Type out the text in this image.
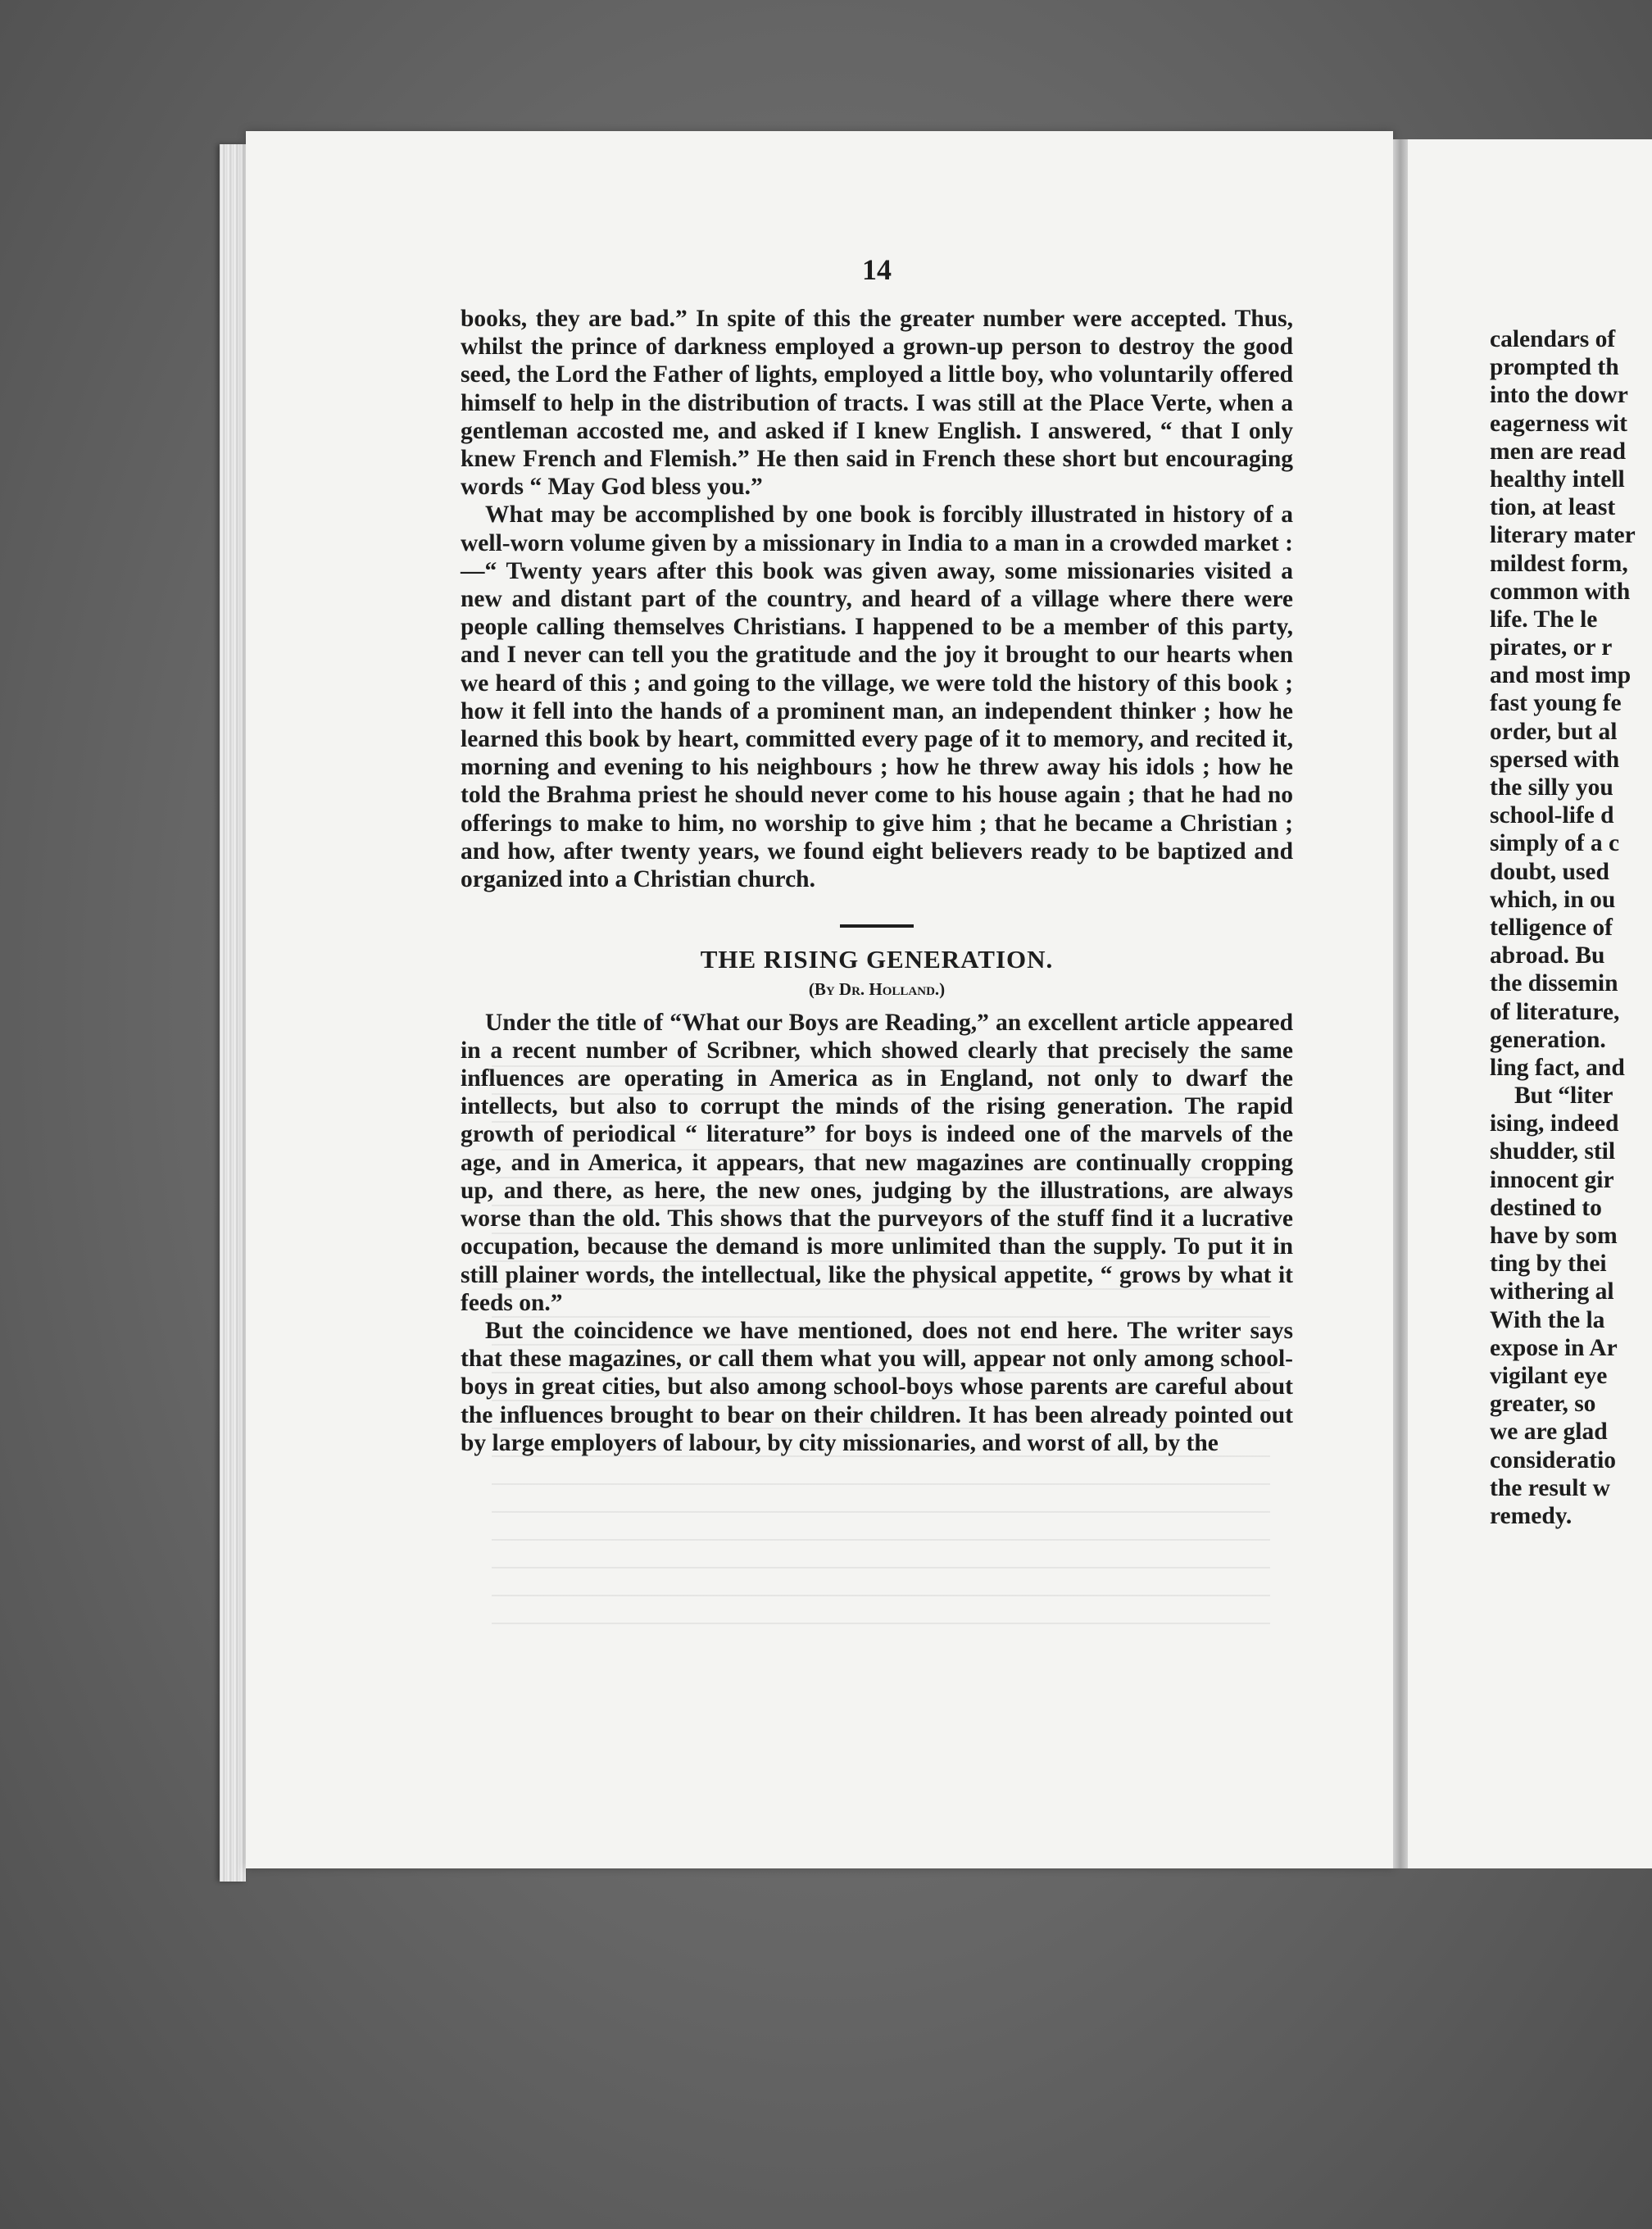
14

books, they are bad.” In spite of this the greater number were accepted. Thus, whilst the prince of darkness employed a grown-up person to destroy the good seed, the Lord the Father of lights, employed a little boy, who voluntarily offered himself to help in the distribution of tracts. I was still at the Place Verte, when a gentleman accosted me, and asked if I knew English. I answered, “ that I only knew French and Flemish.” He then said in French these short but encouraging words “ May God bless you.”

What may be accomplished by one book is forcibly illustrated in history of a well-worn volume given by a missionary in India to a man in a crowded market :—“ Twenty years after this book was given away, some missionaries visited a new and distant part of the country, and heard of a village where there were people calling themselves Christians. I happened to be a member of this party, and I never can tell you the gratitude and the joy it brought to our hearts when we heard of this ; and going to the village, we were told the history of this book ; how it fell into the hands of a prominent man, an independent thinker ; how he learned this book by heart, committed every page of it to memory, and recited it, morning and evening to his neighbours ; how he threw away his idols ; how he told the Brahma priest he should never come to his house again ; that he had no offerings to make to him, no worship to give him ; that he became a Christian ; and how, after twenty years, we found eight believers ready to be baptized and organized into a Christian church.

THE RISING GENERATION.
(By Dr. Holland.)

Under the title of “What our Boys are Reading,” an excellent article appeared in a recent number of Scribner, which showed clearly that precisely the same influences are operating in America as in England, not only to dwarf the intellects, but also to corrupt the minds of the rising generation. The rapid growth of periodical “ literature” for boys is indeed one of the marvels of the age, and in America, it appears, that new magazines are continually cropping up, and there, as here, the new ones, judging by the illustrations, are always worse than the old. This shows that the purveyors of the stuff find it a lucrative occupation, because the demand is more unlimited than the supply. To put it in still plainer words, the intellectual, like the physical appetite, “ grows by what it feeds on.”

But the coincidence we have mentioned, does not end here. The writer says that these magazines, or call them what you will, appear not only among school-boys in great cities, but also among school-boys whose parents are careful about the influences brought to bear on their children. It has been already pointed out by large employers of labour, by city missionaries, and worst of all, by the

calendars of
prompted th
into the dowr
eagerness wit
men are read
healthy intell
tion, at least
literary mater
mildest form,
common with
life. The le
pirates, or r
and most imp
fast young fe
order, but al
spersed with
the silly you
school-life d
simply of a c
doubt, used
which, in ou
telligence of
abroad. Bu
the dissemin
of literature,
generation.
ling fact, and
But “liter
ising, indeed
shudder, stil
innocent gir
destined to
have by som
ting by thei
withering al
With the la
expose in Ar
vigilant eye
greater, so
we are glad
consideratio
the result w
remedy.
